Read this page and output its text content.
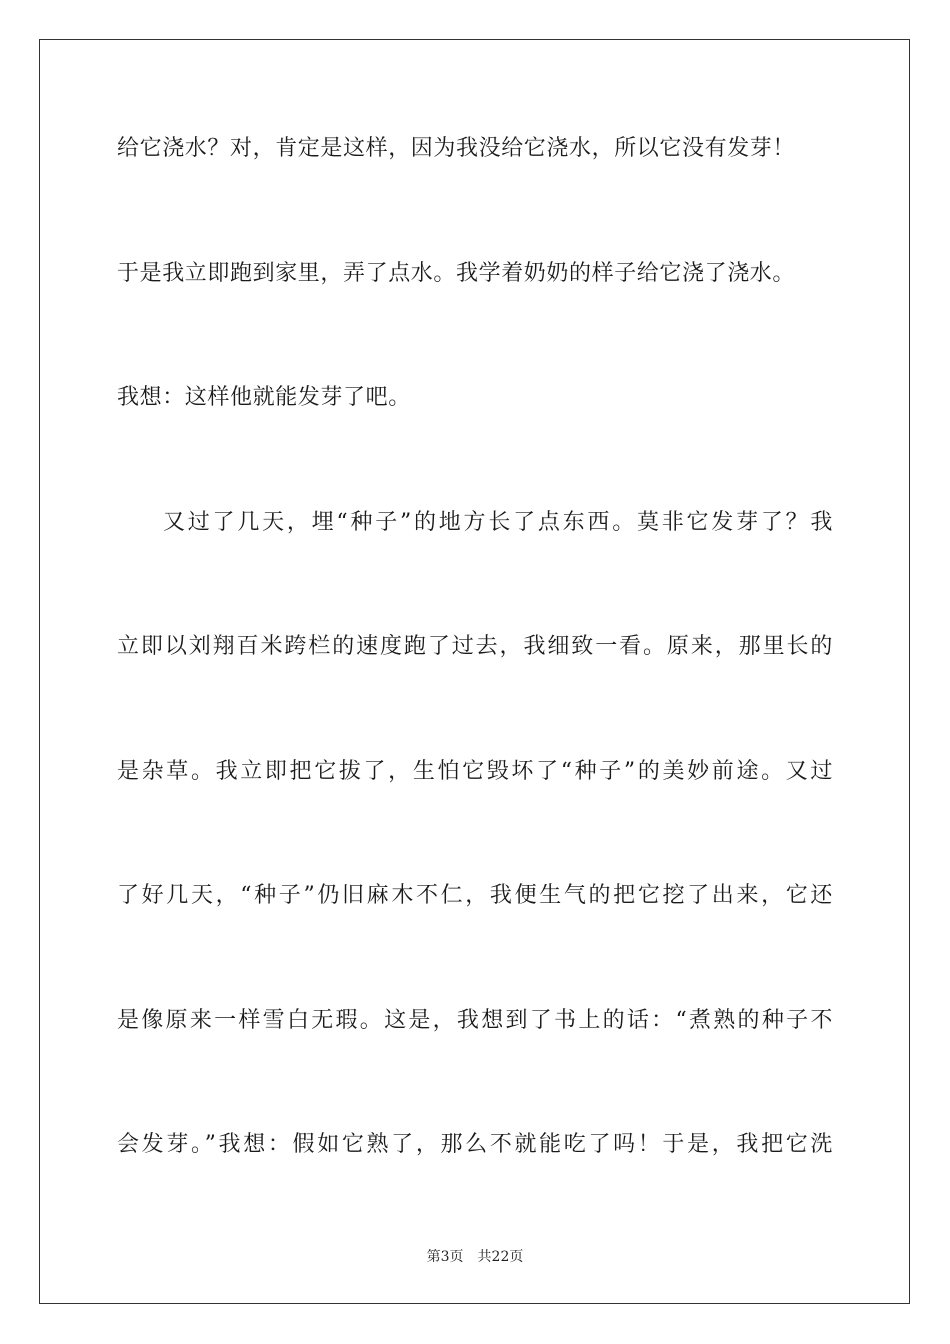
给它浇水？对，肯定是这样，因为我没给它浇水，所以它没有发芽！
于是我立即跑到家里，弄了点水。我学着奶奶的样子给它浇了浇水。
我想：这样他就能发芽了吧。
又过了几天，埋“种子”的地方长了点东西。莫非它发芽了？我
立即以刘翔百米跨栏的速度跑了过去，我细致一看。原来，那里长的
是杂草。我立即把它拔了，生怕它毁坏了“种子”的美妙前途。又过
了好几天，“种子”仍旧麻木不仁，我便生气的把它挖了出来，它还
是像原来一样雪白无瑕。这是，我想到了书上的话：“煮熟的种子不
会发芽。”我想：假如它熟了，那么不就能吃了吗！于是，我把它洗
第3页 共22页
